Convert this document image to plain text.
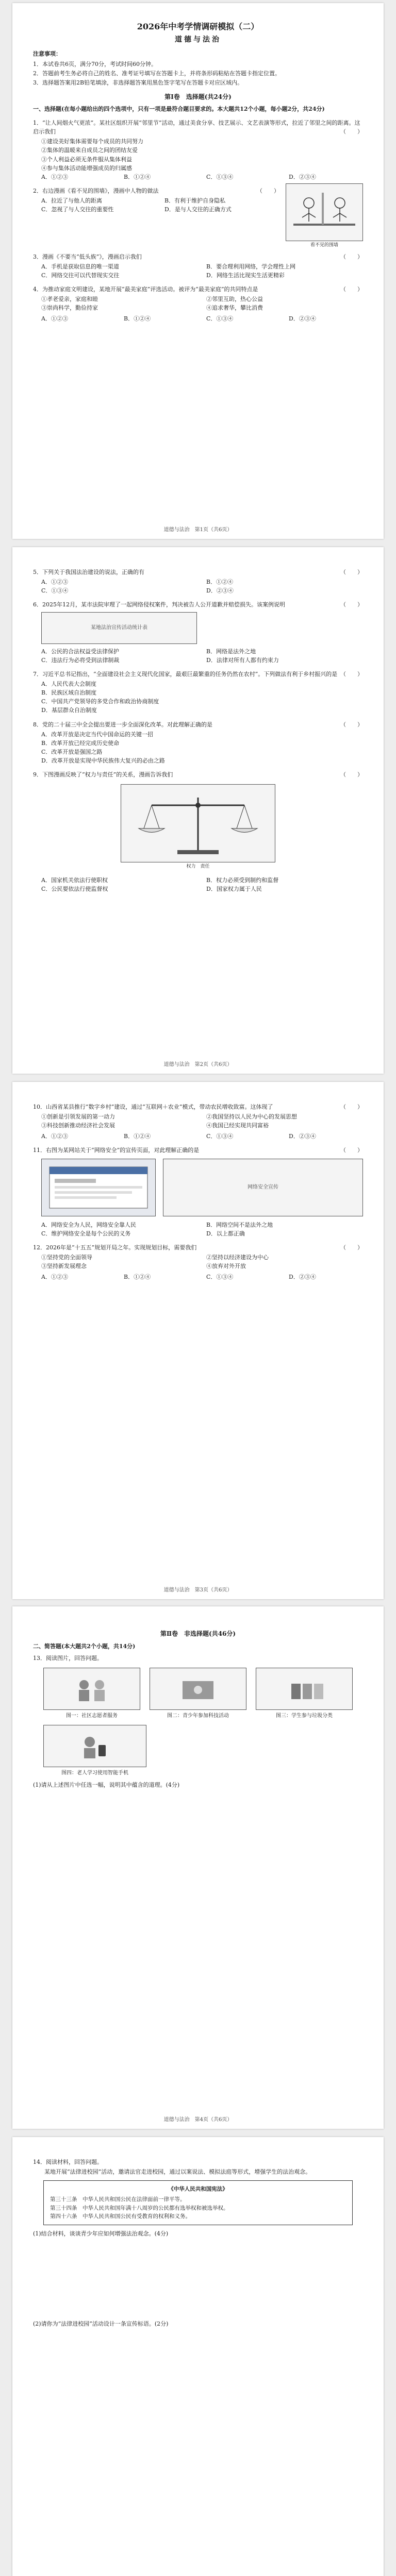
2026年中考学情调研模拟（二）
道德与法治
注意事项：

1．本试卷共6页，满分70分，考试时间60分钟。

2．答题前考生务必将自己的姓名、准考证号填写在答题卡上，并将条形码粘贴在答题卡指定位置。

3．选择题答案用2B铅笔填涂，非选择题答案用黑色签字笔写在答题卡对应区域内。

第Ⅰ卷　选择题(共24分)
一、选择题(在每小题给出的四个选项中，只有一项是最符合题目要求的。本大题共12个小题，每小题2分，共24分)
1．“让人间烟火气更浓”。某社区组织开展“邻里节”活动，通过美食分享、技艺展示、文艺表演等形式，拉近了邻里之间的距离。这启示我们	（　　）
①建设美好集体需要每个成员的共同努力
②集体的温暖来自成员之间的团结友爱
③个人利益必须无条件服从集体利益
④参与集体活动能增强成员的归属感
A．①②③	B．①②④	C．①③④	D．②③④
2．右边漫画《看不见的围墙》，漫画中人物的做法	（　　）
A．拉近了与他人的距离	B．有利于维护自身隐私
C．忽视了与人交往的重要性	D．是与人交往的正确方式
看不见的围墙
3．漫画《不要当“低头族”》，漫画启示我们	（　　）
A．手机是获取信息的唯一渠道	B．要合理利用网络，学会理性上网
C．网络交往可以代替现实交往	D．网络生活比现实生活更精彩
4．为推动家庭文明建设，某地开展“最美家庭”评选活动。被评为“最美家庭”的共同特点是	（　　）
①孝老爱亲，家庭和睦	②邻里互助，热心公益
③崇尚科学，勤俭持家	④追求奢华，攀比消费
A．①②③	B．①②④	C．①③④	D．②③④
道德与法治　第1页（共6页）
5．下列关于我国法治建设的说法，正确的有	（　　）
A．①②③	B．①②④
C．①③④	D．②③④
6．2025年12月，某市法院审理了一起网络侵权案件，判决被告人公开道歉并赔偿损失。该案例说明	（　　）
某地法治宣传活动统计表
A．公民的合法权益受法律保护	B．网络是法外之地
C．违法行为必将受到法律制裁	D．法律对所有人都有约束力
7．习近平总书记指出，“全面建设社会主义现代化国家，最艰巨最繁重的任务仍然在农村”。下列做法有利于乡村振兴的是 （　　）
A．人民代表大会制度
B．民族区域自治制度
C．中国共产党领导的多党合作和政治协商制度
D．基层群众自治制度
8．党的二十届三中全会提出要进一步全面深化改革。对此理解正确的是	（　　）
A．改革开放是决定当代中国命运的关键一招
B．改革开放已经完成历史使命
C．改革开放是强国之路
D．改革开放是实现中华民族伟大复兴的必由之路
9．下图漫画反映了“权力与责任”的关系，漫画告诉我们	（　　）
权力　责任
A．国家机关依法行使职权	B．权力必须受到制约和监督
C．公民要依法行使监督权	D．国家权力属于人民
道德与法治　第2页（共6页）
10．山西省某县推行“数字乡村”建设，通过“互联网＋农业”模式，带动农民增收致富。这体现了	（　　）
①创新是引领发展的第一动力	②我国坚持以人民为中心的发展思想
③科技创新推动经济社会发展	④我国已经实现共同富裕
A．①②③	B．①②④	C．①③④	D．②③④
11．右图为某网站关于“网络安全”的宣传页面，对此理解正确的是	（　　）
网络安全宣传
A．网络安全为人民，网络安全靠人民	B．网络空间不是法外之地
C．维护网络安全是每个公民的义务	D．以上都正确
12．2026年是“十五五”规划开局之年。实现规划目标，需要我们	（　　）
①坚持党的全面领导	②坚持以经济建设为中心
③坚持新发展理念	④放弃对外开放
A．①②③	B．①②④	C．①③④	D．②③④
道德与法治　第3页（共6页）
第Ⅱ卷　非选择题(共46分)
二、简答题(本大题共2个小题，共14分)
13．阅读图片，回答问题。
图一：社区志愿者服务	图二：青少年参加科技活动	图三：学生参与垃圾分类
图四：老人学习使用智能手机
(1)请从上述图片中任选一幅，说明其中蕴含的道理。(4分)
道德与法治　第4页（共6页）
14．阅读材料，回答问题。
某地开展“法律进校园”活动，邀请法官走进校园，通过以案说法、模拟法庭等形式，增强学生的法治观念。
《中华人民共和国宪法》
第三十三条　中华人民共和国公民在法律面前一律平等。
第三十四条　中华人民共和国年满十八周岁的公民都有选举权和被选举权。
第四十六条　中华人民共和国公民有受教育的权利和义务。
(1)结合材料，谈谈青少年应如何增强法治观念。(4分)
(2)请你为“法律进校园”活动设计一条宣传标语。(2分)
